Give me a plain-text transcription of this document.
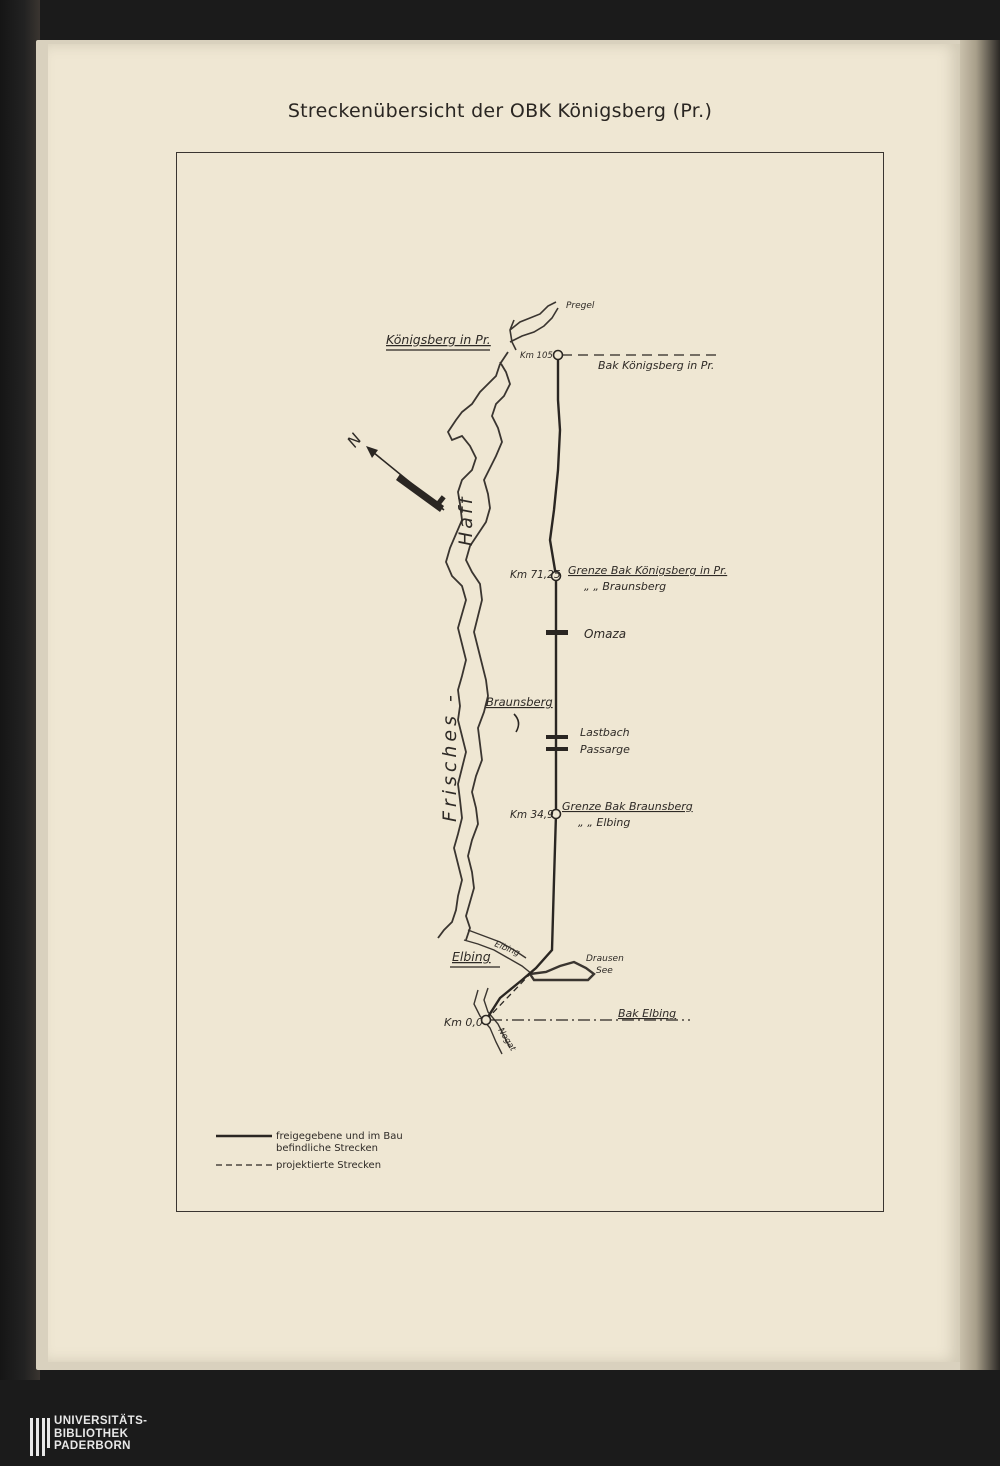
Streckenübersicht der OBK Königsberg (Pr.)
Pregel
Königsberg in Pr.
Km 105
Bak Königsberg in Pr.
N
Haff
Frisches -
Km 71,25 Grenze Bak Königsberg in Pr.
„ „ Braunsberg
Omaza
Braunsberg
Lastbach
Passarge
Km 34,9
Grenze Bak Braunsberg
„ „ Elbing
Elbing
Elbing	Drausen
See
Km 0,0
Bak Elbing
Nogat
freigegebene und im Bau
befindliche Strecken
projektierte Strecken
UNIVERSITÄTS-
BIBLIOTHEK
PADERBORN
